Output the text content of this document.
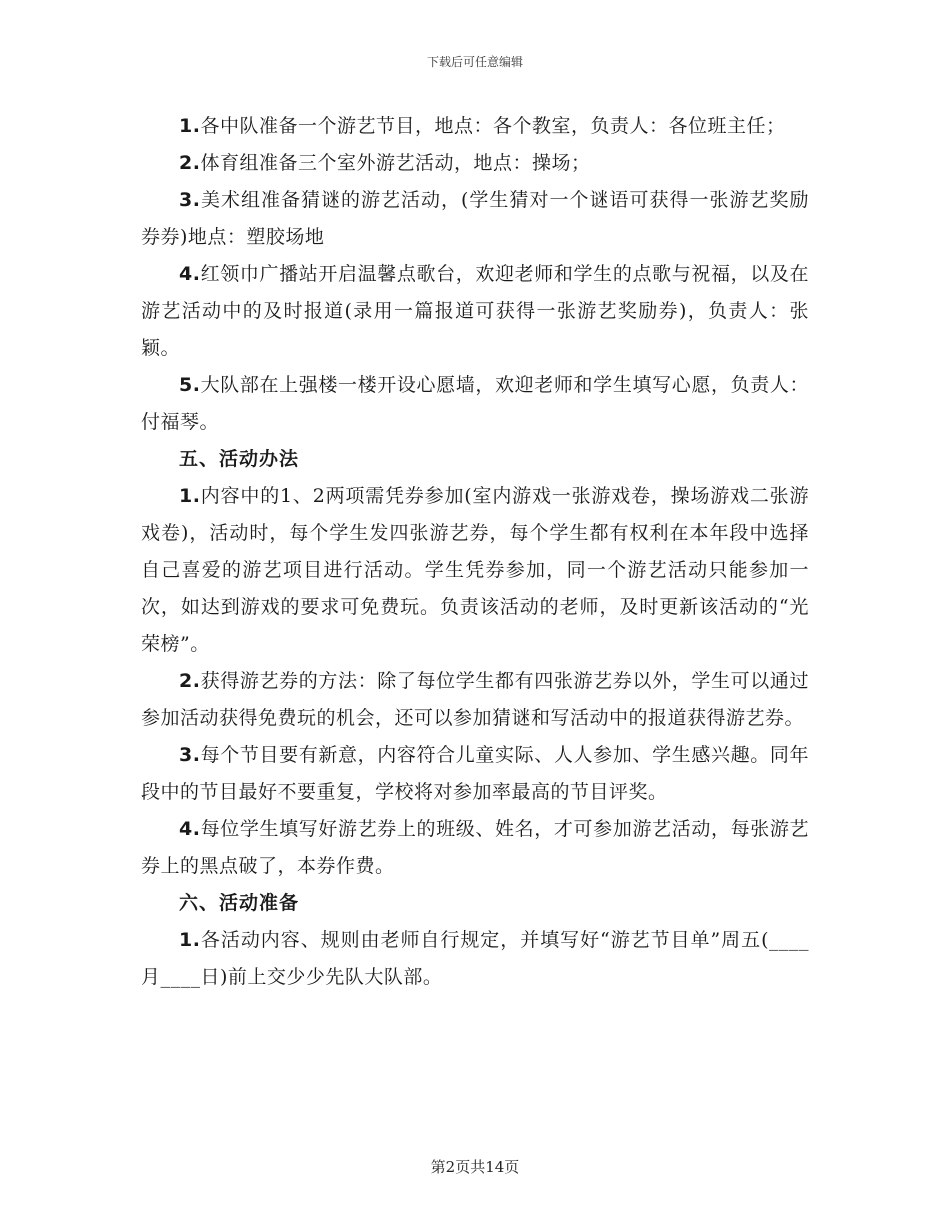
下载后可任意编辑

1.各中队准备一个游艺节目，地点：各个教室，负责人：各位班主任；

2.体育组准备三个室外游艺活动，地点：操场；

3.美术组准备猜谜的游艺活动，(学生猜对一个谜语可获得一张游艺奖励券券)地点：塑胶场地

4.红领巾广播站开启温馨点歌台，欢迎老师和学生的点歌与祝福，以及在游艺活动中的及时报道(录用一篇报道可获得一张游艺奖励券)，负责人：张颖。

5.大队部在上强楼一楼开设心愿墙，欢迎老师和学生填写心愿，负责人：付福琴。

五、活动办法

1.内容中的1、2两项需凭券参加(室内游戏一张游戏卷，操场游戏二张游戏卷)，活动时，每个学生发四张游艺券，每个学生都有权利在本年段中选择自己喜爱的游艺项目进行活动。学生凭券参加，同一个游艺活动只能参加一次，如达到游戏的要求可免费玩。负责该活动的老师，及时更新该活动的“光荣榜”。

2.获得游艺券的方法：除了每位学生都有四张游艺券以外，学生可以通过参加活动获得免费玩的机会，还可以参加猜谜和写活动中的报道获得游艺券。

3.每个节目要有新意，内容符合儿童实际、人人参加、学生感兴趣。同年段中的节目最好不要重复，学校将对参加率最高的节目评奖。

4.每位学生填写好游艺券上的班级、姓名，才可参加游艺活动，每张游艺券上的黑点破了，本券作费。

六、活动准备

1.各活动内容、规则由老师自行规定，并填写好“游艺节目单”周五(____月____日)前上交少少先队大队部。

第2页共14页
